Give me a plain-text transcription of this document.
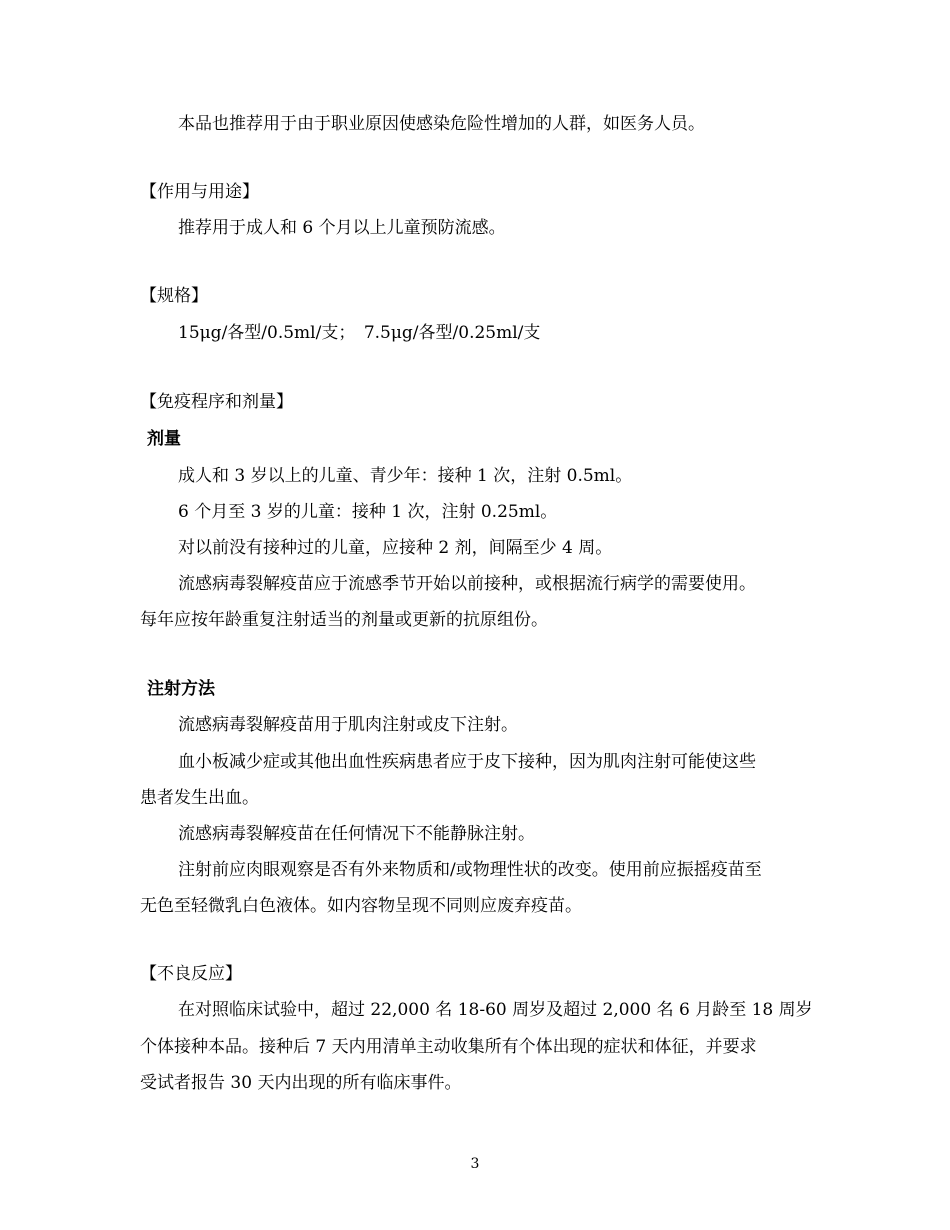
本品也推荐用于由于职业原因使感染危险性增加的人群，如医务人员。
【作用与用途】
推荐用于成人和 6 个月以上儿童预防流感。
【规格】
15μg/各型/0.5ml/支；　7.5μg/各型/0.25ml/支
【免疫程序和剂量】
剂量
成人和 3 岁以上的儿童、青少年：接种 1 次，注射 0.5ml。
6 个月至 3 岁的儿童：接种 1 次，注射 0.25ml。
对以前没有接种过的儿童，应接种 2 剂，间隔至少 4 周。
流感病毒裂解疫苗应于流感季节开始以前接种，或根据流行病学的需要使用。
每年应按年龄重复注射适当的剂量或更新的抗原组份。
注射方法
流感病毒裂解疫苗用于肌肉注射或皮下注射。
血小板减少症或其他出血性疾病患者应于皮下接种，因为肌肉注射可能使这些
患者发生出血。
流感病毒裂解疫苗在任何情况下不能静脉注射。
注射前应肉眼观察是否有外来物质和/或物理性状的改变。使用前应振摇疫苗至
无色至轻微乳白色液体。如内容物呈现不同则应废弃疫苗。
【不良反应】
在对照临床试验中，超过 22,000 名 18-60 周岁及超过 2,000 名 6 月龄至 18 周岁
个体接种本品。接种后 7 天内用清单主动收集所有个体出现的症状和体征，并要求
受试者报告 30 天内出现的所有临床事件。
3
